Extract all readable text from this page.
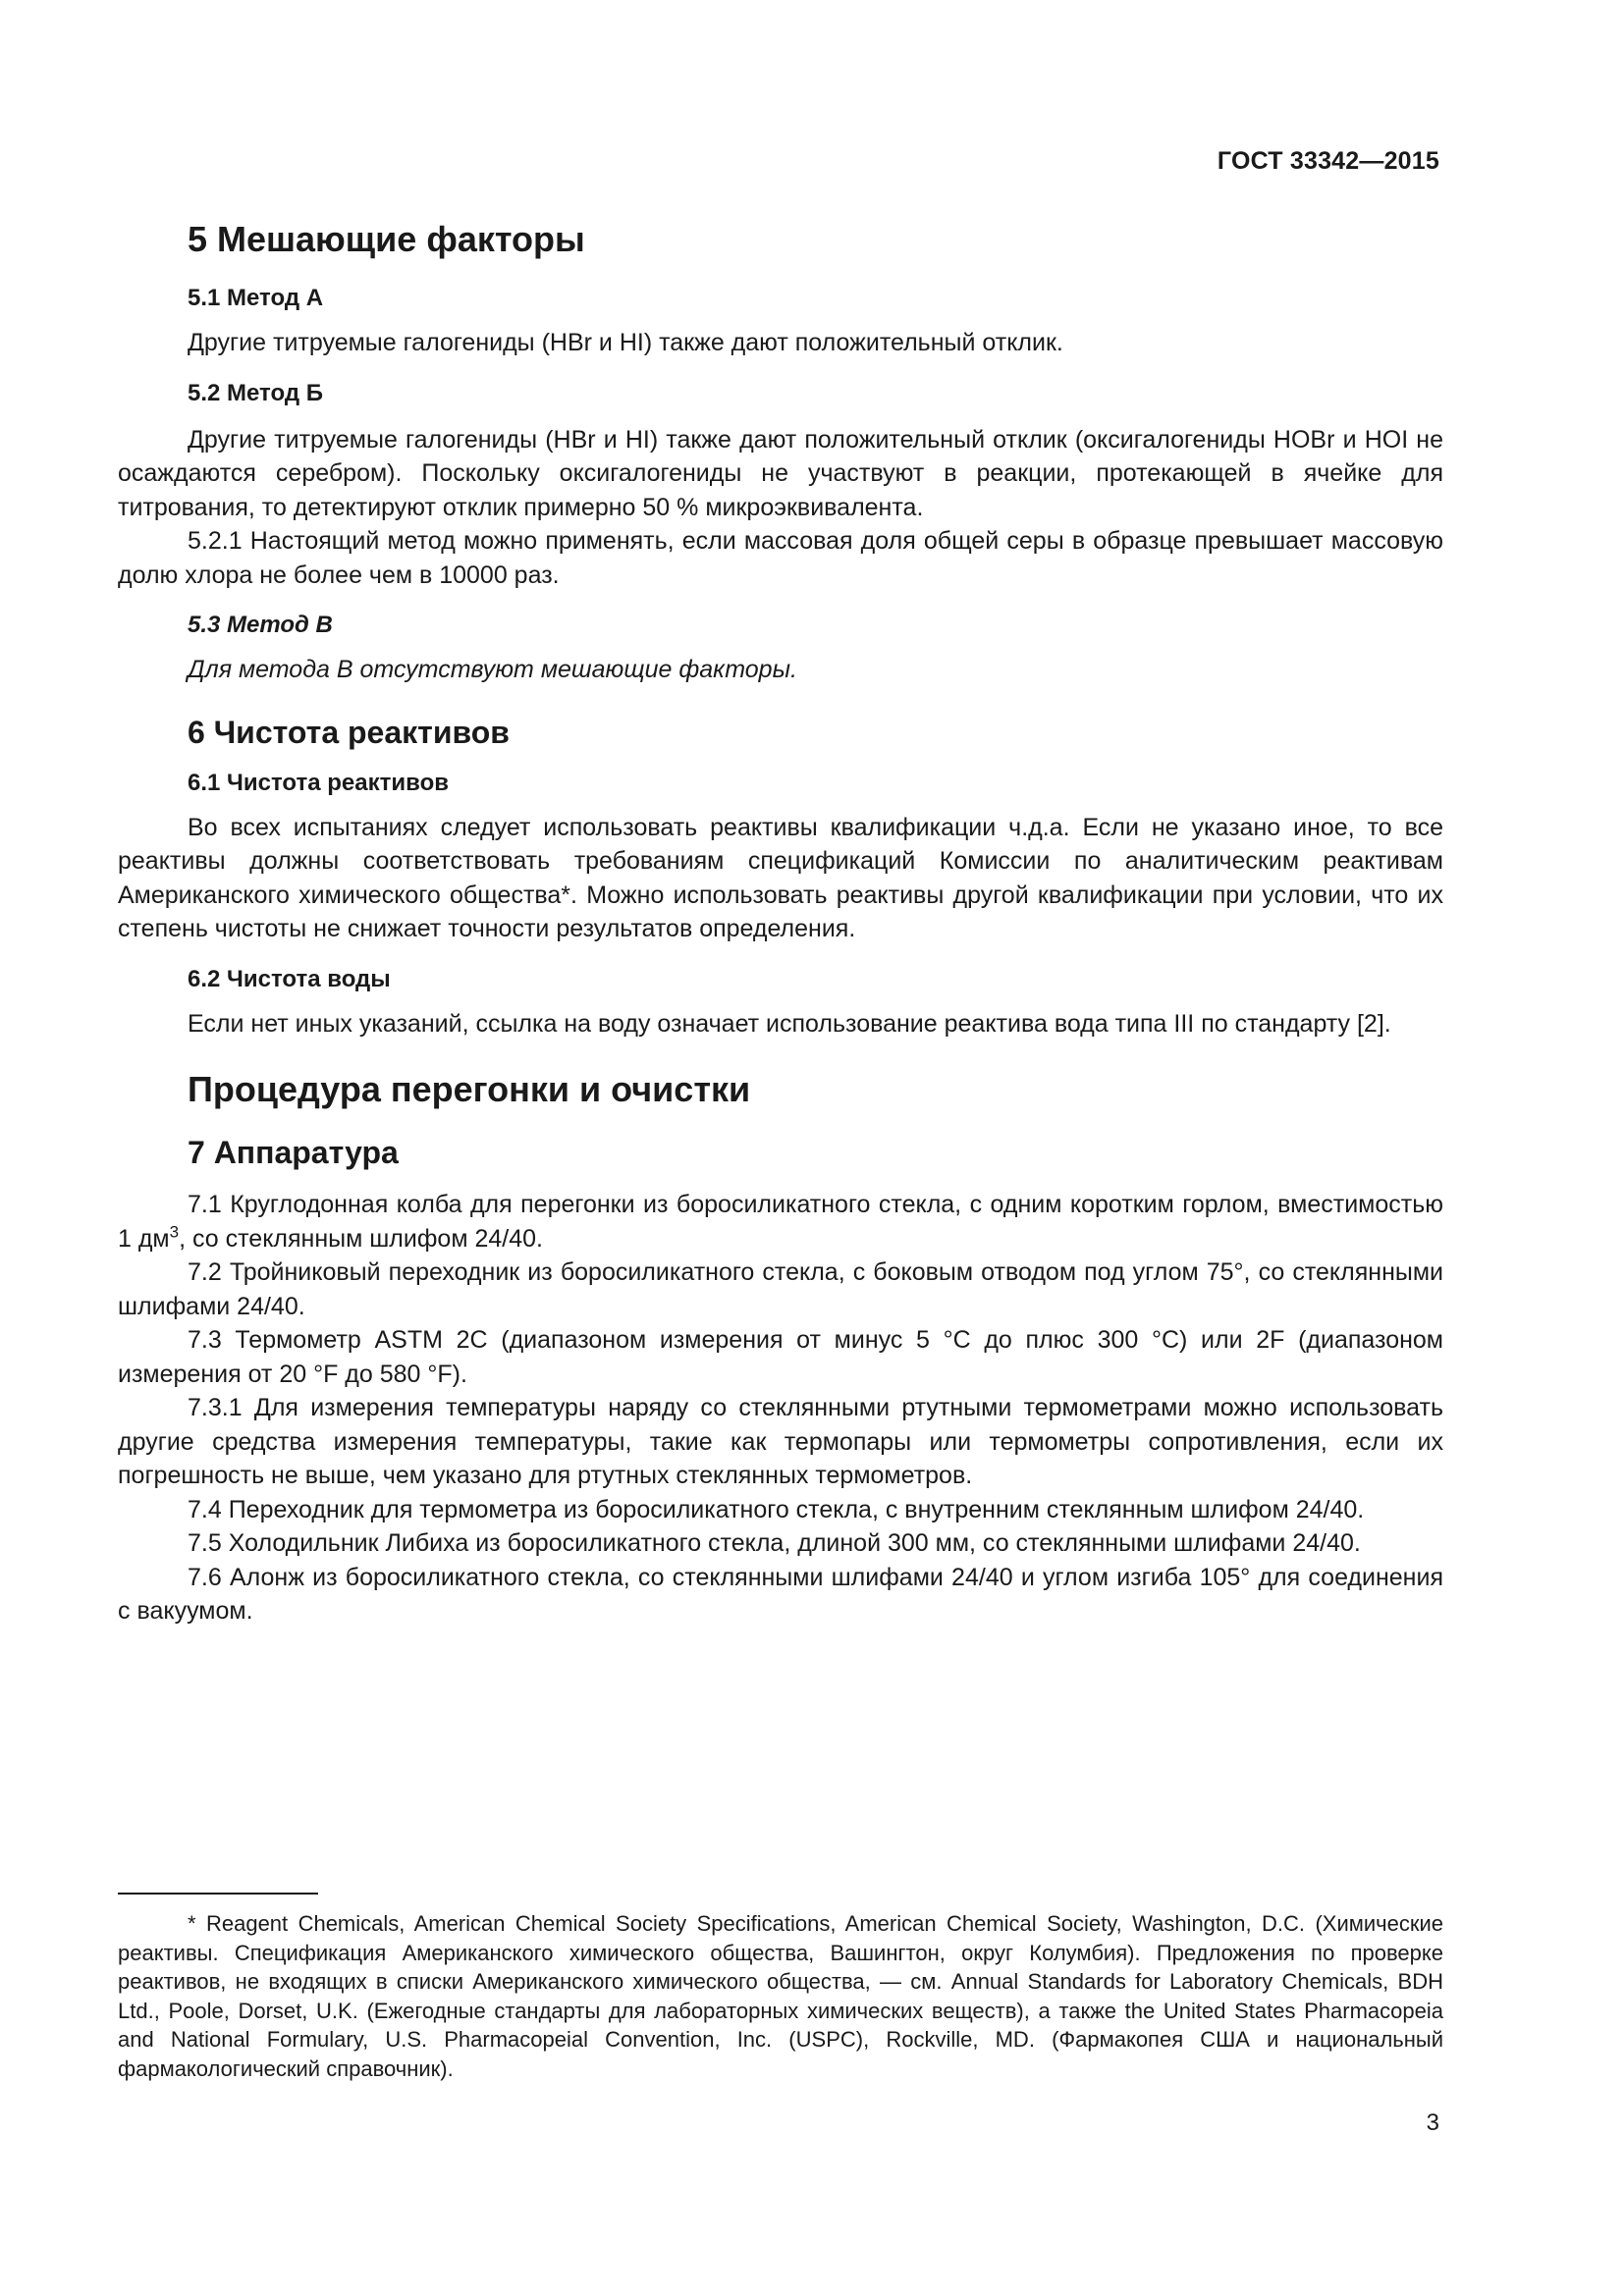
ГОСТ 33342—2015
5 Мешающие факторы
5.1 Метод А

Другие титруемые галогениды (HBr и HI) также дают положительный отклик.

5.2 Метод Б

Другие титруемые галогениды (HBr и HI) также дают положительный отклик (оксигалогениды HOBr и HOI не осаждаются серебром). Поскольку оксигалогениды не участвуют в реакции, протекающей в ячейке для титрования, то детектируют отклик примерно 50 % микроэквивалента.

5.2.1 Настоящий метод можно применять, если массовая доля общей серы в образце превышает массовую долю хлора не более чем в 10000 раз.

5.3 Метод В

Для метода В отсутствуют мешающие факторы.

6 Чистота реактивов
6.1 Чистота реактивов

Во всех испытаниях следует использовать реактивы квалификации ч.д.а. Если не указано иное, то все реактивы должны соответствовать требованиям спецификаций Комиссии по аналитическим реактивам Американского химического общества*. Можно использовать реактивы другой квалификации при условии, что их степень чистоты не снижает точности результатов определения.

6.2 Чистота воды

Если нет иных указаний, ссылка на воду означает использование реактива вода типа III по стандарту [2].

Процедура перегонки и очистки
7 Аппаратура

7.1 Круглодонная колба для перегонки из боросиликатного стекла, с одним коротким горлом, вместимостью 1 $дм^3$, со стеклянным шлифом 24/40.

7.2 Тройниковый переходник из боросиликатного стекла, с боковым отводом под углом 75°, со стеклянными шлифами 24/40.

7.3 Термометр ASTM 2C (диапазоном измерения от минус 5 °С до плюс 300 °С) или 2F (диапазоном измерения от 20 °F до 580 °F).

7.3.1 Для измерения температуры наряду со стеклянными ртутными термометрами можно использовать другие средства измерения температуры, такие как термопары или термометры сопротивления, если их погрешность не выше, чем указано для ртутных стеклянных термометров.

7.4 Переходник для термометра из боросиликатного стекла, с внутренним стеклянным шлифом 24/40.

7.5 Холодильник Либиха из боросиликатного стекла, длиной 300 мм, со стеклянными шлифами 24/40.

7.6 Алонж из боросиликатного стекла, со стеклянными шлифами 24/40 и углом изгиба 105° для соединения с вакуумом.

* Reagent Chemicals, American Chemical Society Specifications, American Chemical Society, Washington, D.C. (Химические реактивы. Спецификация Американского химического общества, Вашингтон, округ Колумбия). Предложения по проверке реактивов, не входящих в списки Американского химического общества, — см. Annual Standards for Laboratory Chemicals, BDH Ltd., Poole, Dorset, U.K. (Ежегодные стандарты для лабораторных химических веществ), а также the United States Pharmacopeia and National Formulary, U.S. Pharmacopeial Convention, Inc. (USPC), Rockville, MD. (Фармакопея США и национальный фармакологический справочник).

3
